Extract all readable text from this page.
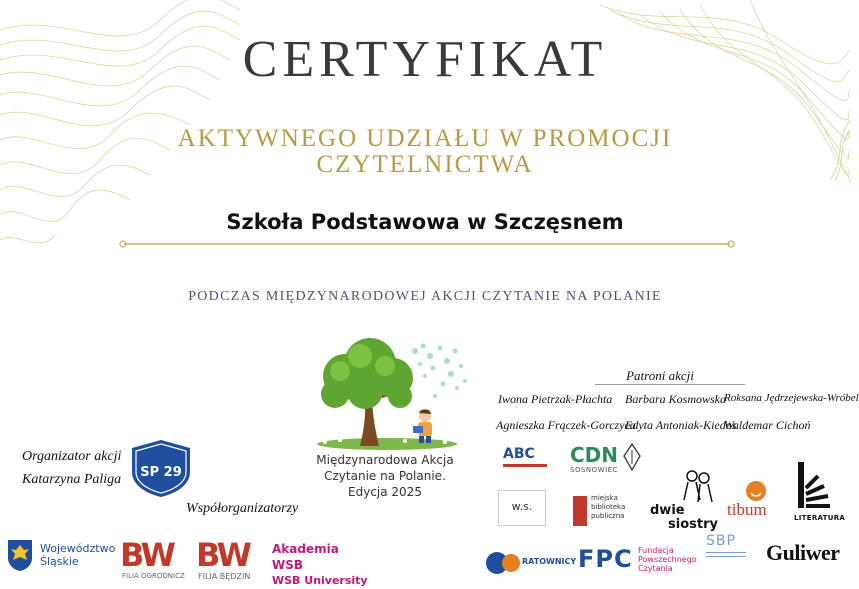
CERTYFIKAT
AKTYWNEGO UDZIAŁU W PROMOCJI CZYTELNICTWA
Szkoła Podstawowa w Szczęsnem
PODCZAS MIĘDZYNARODOWEJ AKCJI CZYTANIE NA POLANIE
Organizator akcji
Katarzyna Paliga
Współorganizatorzy
SP 29
Międzynarodowa Akcja
Czytanie na Polanie.
Edycja 2025
Patroni akcji
Iwona Pietrzak-Płachta Barbara Kosmowska
Roksana Jędrzejewska-Wróbel
Agnieszka Frączek-Gorczyca
Edyta Antoniak-Kiedos
Waldemar Cichoń
Województwo
Śląskie	BW
FILIA OGRODNICZ
BW
FILIA BĘDZIN
Akademia WSB
WSB University
ABC	CDN
SOSNOWIEC
w.s.
miejska
biblioteka
publiczna dwie
siostry
tibum	LITERATURA
RATOWNICY FPC Fundacja
Powszechnego
Czytania
SBP	Guliwer
